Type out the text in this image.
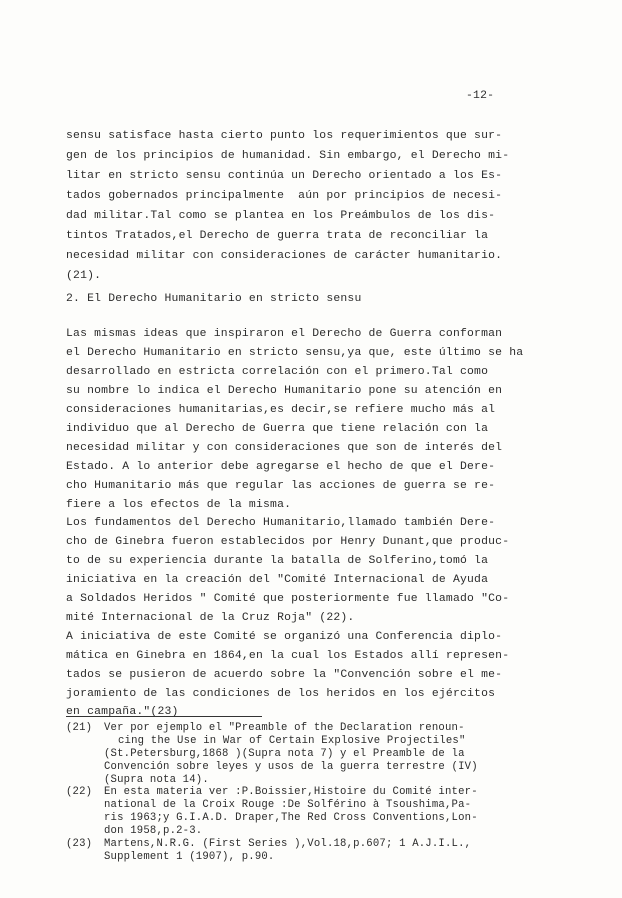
-12-
sensu satisface hasta cierto punto los requerimientos que sur-
gen de los principios de humanidad. Sin embargo, el Derecho mi-
litar en stricto sensu continúa un Derecho orientado a los Es-
tados gobernados principalmente  aún por principios de necesi-
dad militar.Tal como se plantea en los Preámbulos de los dis-
tintos Tratados,el Derecho de guerra trata de reconciliar la
necesidad militar con consideraciones de carácter humanitario.
(21).
2. El Derecho Humanitario en stricto sensu
Las mismas ideas que inspiraron el Derecho de Guerra conforman
el Derecho Humanitario en stricto sensu,ya que, este último se ha
desarrollado en estricta correlación con el primero.Tal como
su nombre lo indica el Derecho Humanitario pone su atención en
consideraciones humanitarias,es decir,se refiere mucho más al
individuo que al Derecho de Guerra que tiene relación con la
necesidad militar y con consideraciones que son de interés del
Estado. A lo anterior debe agregarse el hecho de que el Dere-
cho Humanitario más que regular las acciones de guerra se re-
fiere a los efectos de la misma.
Los fundamentos del Derecho Humanitario,llamado también Dere-
cho de Ginebra fueron establecidos por Henry Dunant,que produc-
to de su experiencia durante la batalla de Solferino,tomó la
iniciativa en la creación del "Comité Internacional de Ayuda
a Soldados Heridos " Comité que posteriormente fue llamado "Co-
mité Internacional de la Cruz Roja" (22).
A iniciativa de este Comité se organizó una Conferencia diplo-
mática en Ginebra en 1864,en la cual los Estados allí represen-
tados se pusieron de acuerdo sobre la "Convención sobre el me-
joramiento de las condiciones de los heridos en los ejércitos
en campaña."(23)
(21) Ver por ejemplo el "Preamble of the Declaration renoun-
cing the Use in War of Certain Explosive Projectiles"
(St.Petersburg,1868 )(Supra nota 7) y el Preamble de la
Convención sobre leyes y usos de la guerra terrestre (IV)
(Supra nota 14).
(22) En esta materia ver :P.Boissier,Histoire du Comité inter-
national de la Croix Rouge :De Solférino à Tsoushima,Pa-
ris 1963;y G.I.A.D. Draper,The Red Cross Conventions,Lon-
don 1958,p.2-3.
(23) Martens,N.R.G. (First Series ),Vol.18,p.607; 1 A.J.I.L.,
Supplement 1 (1907), p.90.
